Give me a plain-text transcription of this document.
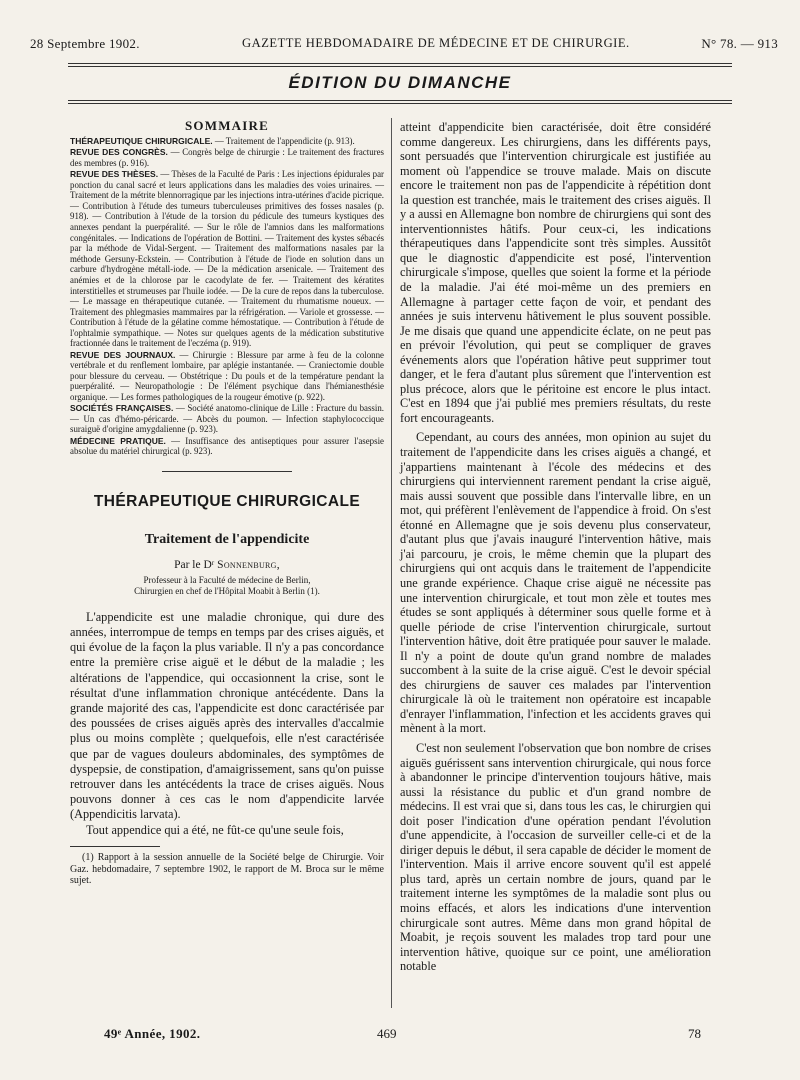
28 Septembre 1902.	GAZETTE HEBDOMADAIRE DE MÉDECINE ET DE CHIRURGIE.	N° 78. — 913
ÉDITION DU DIMANCHE
SOMMAIRE

THÉRAPEUTIQUE CHIRURGICALE. — Traitement de l'appendicite (p. 913).

REVUE DES CONGRÈS. — Congrès belge de chirurgie : Le traitement des fractures des membres (p. 916).

REVUE DES THÈSES. — Thèses de la Faculté de Paris : Les injections épidurales par ponction du canal sacré et leurs applications dans les maladies des voies urinaires. — Traitement de la métrite blennorragique par les injections intra-utérines d'acide picrique. — Contribution à l'étude des tumeurs tuberculeuses primitives des fosses nasales (p. 918). — Contribution à l'étude de la torsion du pédicule des tumeurs kystiques des annexes pendant la puerpéralité. — Sur le rôle de l'amnios dans les malformations congénitales. — Indications de l'opération de Bottini. — Traitement des kystes sébacés par la méthode de Vidal-Sergent. — Traitement des malformations nasales par la méthode Gersuny-Eckstein. — Contribution à l'étude de l'iode en solution dans un carbure d'hydrogène métall-iode. — De la médication arsenicale. — Traitement des anémies et de la chlorose par le cacodylate de fer. — Traitement des kératites interstitielles et strumeuses par l'huile iodée. — De la cure de repos dans la tuberculose. — Le massage en thérapeutique cutanée. — Traitement du rhumatisme noueux. — Traitement des phlegmasies mammaires par la réfrigération. — Variole et grossesse. — Contribution à l'étude de la gélatine comme hémostatique. — Contribution à l'étude de l'ophtalmie sympathique. — Notes sur quelques agents de la médication substitutive fractionnée dans le traitement de l'eczéma (p. 919).

REVUE DES JOURNAUX. — Chirurgie : Blessure par arme à feu de la colonne vertébrale et du renflement lombaire, par aplégie instantanée. — Craniectomie double pour blessure du cerveau. — Obstétrique : Du pouls et de la température pendant la puerpéralité. — Neuropathologie : De l'élément psychique dans l'hémianesthésie organique. — Les formes pathologiques de la rougeur émotive (p. 922).

SOCIÉTÉS FRANÇAISES. — Société anatomo-clinique de Lille : Fracture du bassin. — Un cas d'hémo-péricarde. — Abcès du poumon. — Infection staphylococcique suraiguë d'origine amygdalienne (p. 923).

MÉDECINE PRATIQUE. — Insuffisance des antiseptiques pour assurer l'asepsie absolue du matériel chirurgical (p. 923).

THÉRAPEUTIQUE CHIRURGICALE
Traitement de l'appendicite
Par le Dʳ Sonnenburg,
Professeur à la Faculté de médecine de Berlin,
Chirurgien en chef de l'Hôpital Moabit à Berlin (1).

L'appendicite est une maladie chronique, qui dure des années, interrompue de temps en temps par des crises aiguës, et qui évolue de la façon la plus variable. Il n'y a pas concordance entre la première crise aiguë et le début de la maladie ; les altérations de l'appendice, qui occasionnent la crise, sont le résultat d'une inflammation chronique antécédente. Dans la grande majorité des cas, l'appendicite est donc caractérisée par des poussées de crises aiguës après des intervalles d'accalmie plus ou moins complète ; quelquefois, elle n'est caractérisée que par de vagues douleurs abdominales, des symptômes de dyspepsie, de constipation, d'amaigrissement, sans qu'on puisse retrouver dans les antécédents la trace de crises aiguës. Nous pouvons donner à ces cas le nom d'appendicite larvée (Appendicitis larvata).

Tout appendice qui a été, ne fût-ce qu'une seule fois,

(1) Rapport à la session annuelle de la Société belge de Chirurgie. Voir Gaz. hebdomadaire, 7 septembre 1902, le rapport de M. Broca sur le même sujet.

atteint d'appendicite bien caractérisée, doit être considéré comme dangereux. Les chirurgiens, dans les différents pays, sont persuadés que l'intervention chirurgicale est justifiée au moment où l'appendice se trouve malade. Mais on discute encore le traitement non pas de l'appendicite à répétition dont la question est tranchée, mais le traitement des crises aiguës. Il y a aussi en Allemagne bon nombre de chirurgiens qui sont des interventionnistes hâtifs. Pour ceux-ci, les indications thérapeutiques dans l'appendicite sont très simples. Aussitôt que le diagnostic d'appendicite est posé, l'intervention chirurgicale s'impose, quelles que soient la forme et la période de la maladie. J'ai été moi-même un des premiers en Allemagne à partager cette façon de voir, et pendant des années je suis intervenu hâtivement le plus souvent possible. Je me disais que quand une appendicite éclate, on ne peut pas en prévoir l'évolution, qui peut se compliquer de graves événements alors que l'opération hâtive peut supprimer tout danger, et le fera d'autant plus sûrement que l'intervention est plus précoce, alors que le péritoine est encore le plus intact. C'est en 1894 que j'ai publié mes premiers résultats, du reste fort encourageants.

Cependant, au cours des années, mon opinion au sujet du traitement de l'appendicite dans les crises aiguës a changé, et j'appartiens maintenant à l'école des médecins et des chirurgiens qui interviennent rarement pendant la crise aiguë, mais aussi souvent que possible dans l'intervalle libre, en un mot, qui préfèrent l'enlèvement de l'appendice à froid. On s'est étonné en Allemagne que je sois devenu plus conservateur, d'autant plus que j'avais inauguré l'intervention hâtive, mais j'ai parcouru, je crois, le même chemin que la plupart des chirurgiens qui ont acquis dans le traitement de l'appendicite une grande expérience. Chaque crise aiguë ne nécessite pas une intervention chirurgicale, et tout mon zèle et toutes mes études se sont appliqués à déterminer sous quelle forme et à quelle période de crise l'intervention chirurgicale, surtout l'intervention hâtive, doit être pratiquée pour sauver le malade. Il n'y a point de doute qu'un grand nombre de malades succombent à la suite de la crise aiguë. C'est le devoir spécial des chirurgiens de sauver ces malades par l'intervention chirurgicale là où le traitement non opératoire est incapable d'enrayer l'inflammation, l'infection et les accidents graves qui mènent à la mort.

C'est non seulement l'observation que bon nombre de crises aiguës guérissent sans intervention chirurgicale, qui nous force à abandonner le principe d'intervention toujours hâtive, mais aussi la résistance du public et d'un grand nombre de médecins. Il est vrai que si, dans tous les cas, le chirurgien qui doit poser l'indication d'une opération pendant l'évolution d'une appendicite, à l'occasion de surveiller celle-ci et de la diriger depuis le début, il sera capable de décider le moment de l'intervention. Mais il arrive encore souvent qu'il est appelé plus tard, après un certain nombre de jours, quand par le traitement interne les symptômes de la maladie sont plus ou moins effacés, et alors les indications d'une intervention chirurgicale sont autres. Même dans mon grand hôpital de Moabit, je reçois souvent les malades trop tard pour une intervention hâtive, quoique sur ce point, une amélioration notable

49ᵉ Année, 1902.	469	78
